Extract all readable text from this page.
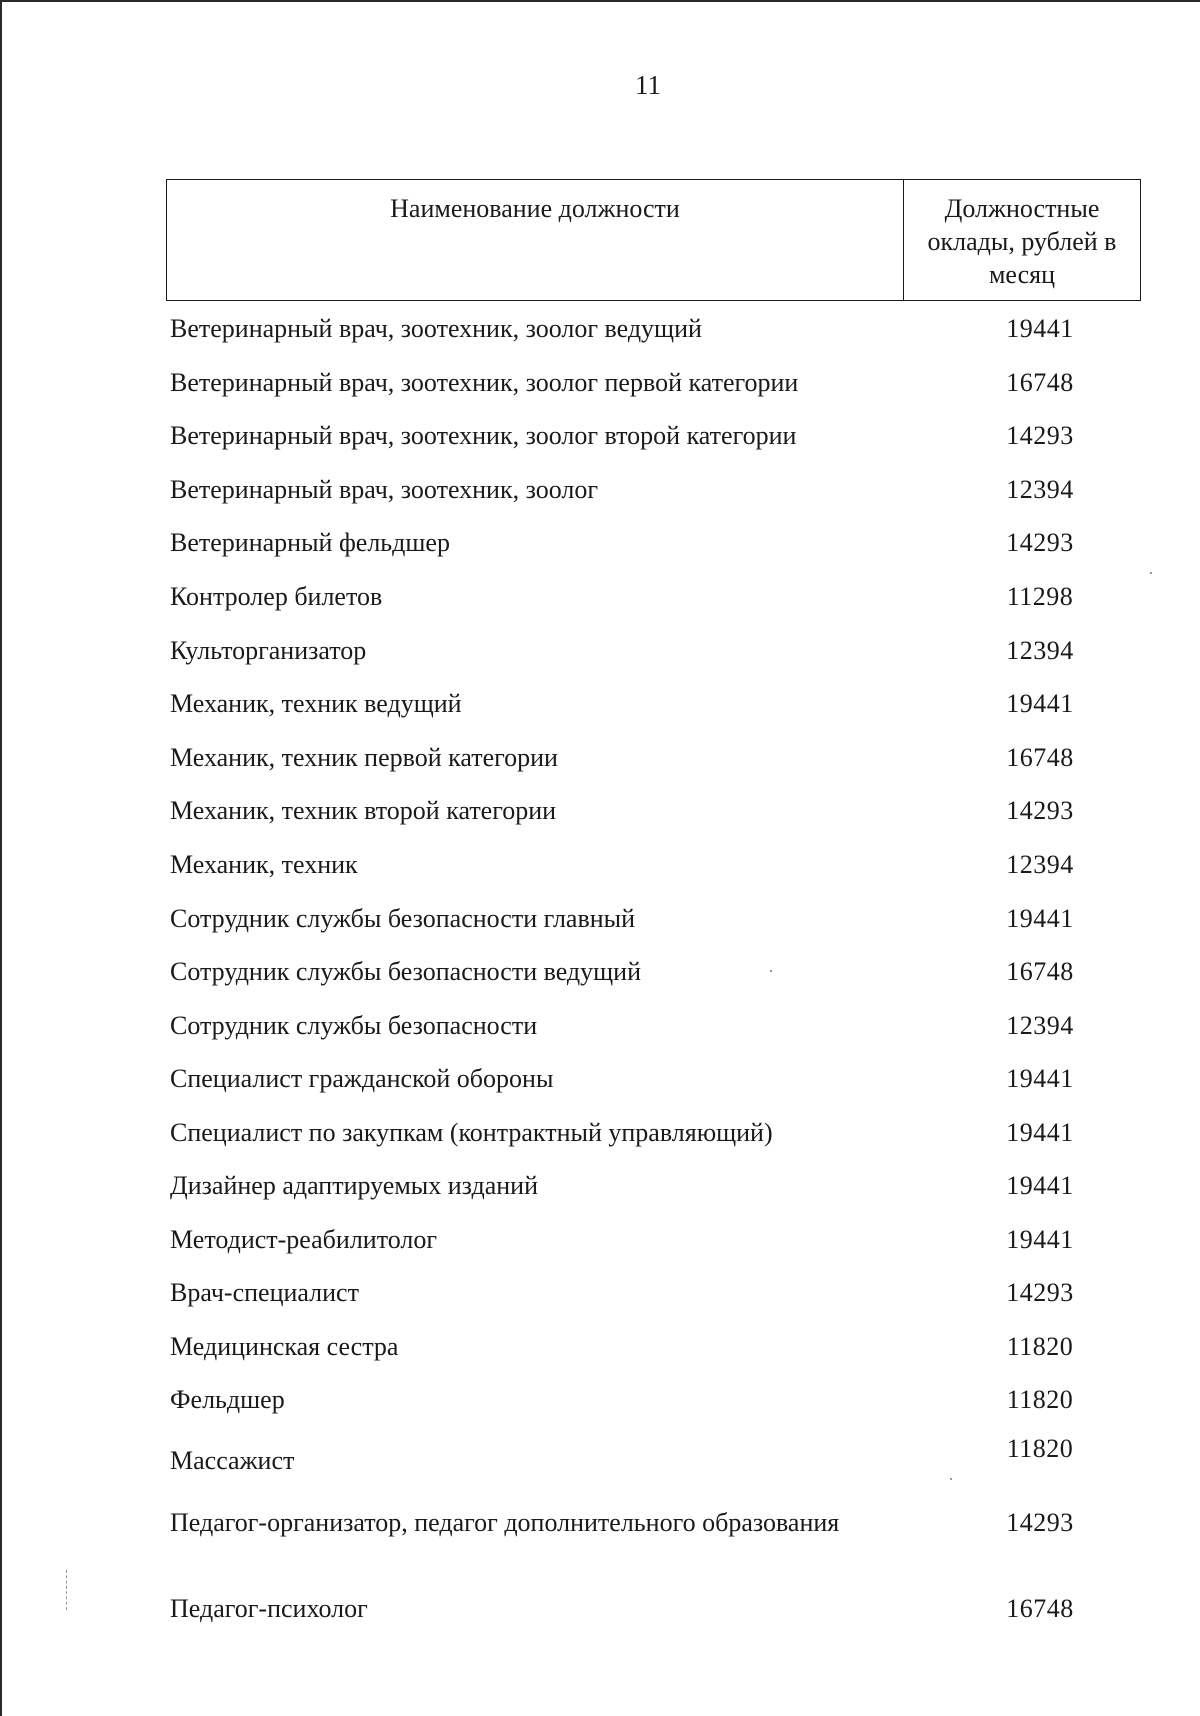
11
Наименование должности	Должностные оклады, рублей в месяц
Ветеринарный врач, зоотехник, зоолог ведущий	19441
Ветеринарный врач, зоотехник, зоолог первой категории	16748
Ветеринарный врач, зоотехник, зоолог второй категории	14293
Ветеринарный врач, зоотехник, зоолог	12394
Ветеринарный фельдшер	14293
Контролер билетов	11298
Культорганизатор	12394
Механик, техник ведущий	19441
Механик, техник первой категории	16748
Механик, техник второй категории	14293
Механик, техник	12394
Сотрудник службы безопасности главный	19441
Сотрудник службы безопасности ведущий	16748
Сотрудник службы безопасности	12394
Специалист гражданской обороны	19441
Специалист по закупкам (контрактный управляющий)	19441
Дизайнер адаптируемых изданий	19441
Методист-реабилитолог	19441
Врач-специалист	14293
Медицинская сестра	11820
Фельдшер	11820
Массажист	11820
Педагог-организатор, педагог дополнительного образования	14293
Педагог-психолог	16748
